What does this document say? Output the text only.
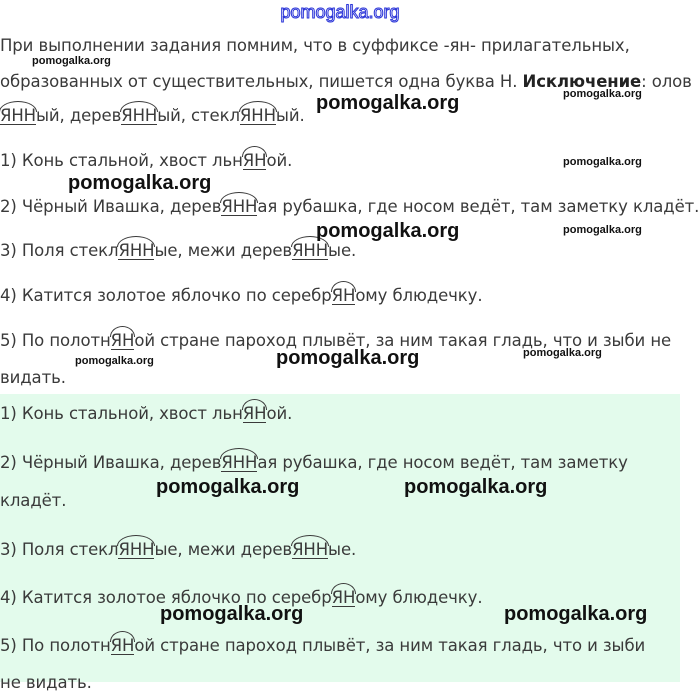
pomogalka.org
При выполнении задания помним, что в суффиксе -ян- прилагательных,
образованных от существительных, пишется одна буква Н. Исключение: олов
ЯННый, деревЯННый, стеклЯННый.
1) Конь стальной, хвост льнЯНой.
2) Чёрный Ивашка, деревЯННая рубашка, где носом ведёт, там заметку кладёт.
3) Поля стеклЯННые, межи деревЯННые.
4) Катится золотое яблочко по серебрЯНому блюдечку.
5) По полотнЯНой стране пароход плывёт, за ним такая гладь, что и зыби не
видать.
1) Конь стальной, хвост льнЯНой.
2) Чёрный Ивашка, деревЯННая рубашка, где носом ведёт, там заметку
кладёт.
3) Поля стеклЯННые, межи деревЯННые.
4) Катится золотое яблочко по серебрЯНому блюдечку.
5) По полотнЯНой стране пароход плывёт, за ним такая гладь, что и зыби
не видать.
pomogalka.org
pomogalka.org
pomogalka.org
pomogalka.org
pomogalka.org
pomogalka.org	pomogalka.org
pomogalka.org
pomogalka.org	pomogalka.org
pomogalka.org	pomogalka.org
pomogalka.org	pomogalka.org
